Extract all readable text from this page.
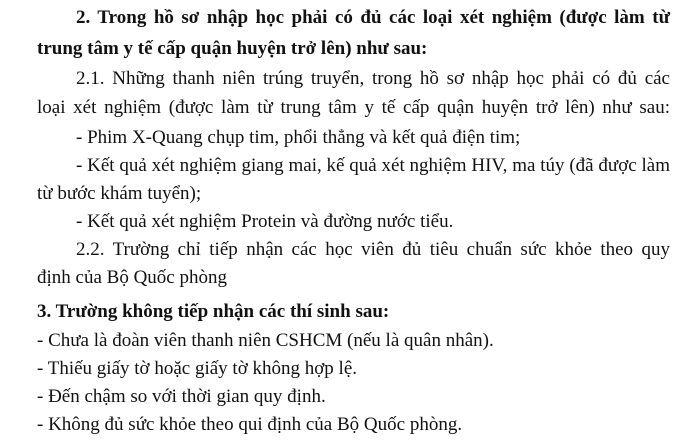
2. Trong hồ sơ nhập học phải có đủ các loại xét nghiệm (được làm từ
trung tâm y tế cấp quận huyện trở lên) như sau:
2.1. Những thanh niên trúng truyển, trong hồ sơ nhập học phải có đủ các
loại xét nghiệm (được làm từ trung tâm y tế cấp quận huyện trở lên) như sau:
- Phim X-Quang chụp tim, phổi thẳng và kết quả điện tim;
- Kết quả xét nghiệm giang mai, kế quả xét nghiệm HIV, ma túy (đã được làm
từ bước khám tuyển);
- Kết quả xét nghiệm Protein và đường nước tiểu.
2.2. Trường chỉ tiếp nhận các học viên đủ tiêu chuẩn sức khỏe theo quy
định của Bộ Quốc phòng
3. Trường không tiếp nhận các thí sinh sau:
- Chưa là đoàn viên thanh niên CSHCM (nếu là quân nhân).
- Thiếu giấy tờ hoặc giấy tờ không hợp lệ.
- Đến chậm so với thời gian quy định.
- Không đủ sức khỏe theo qui định của Bộ Quốc phòng.
